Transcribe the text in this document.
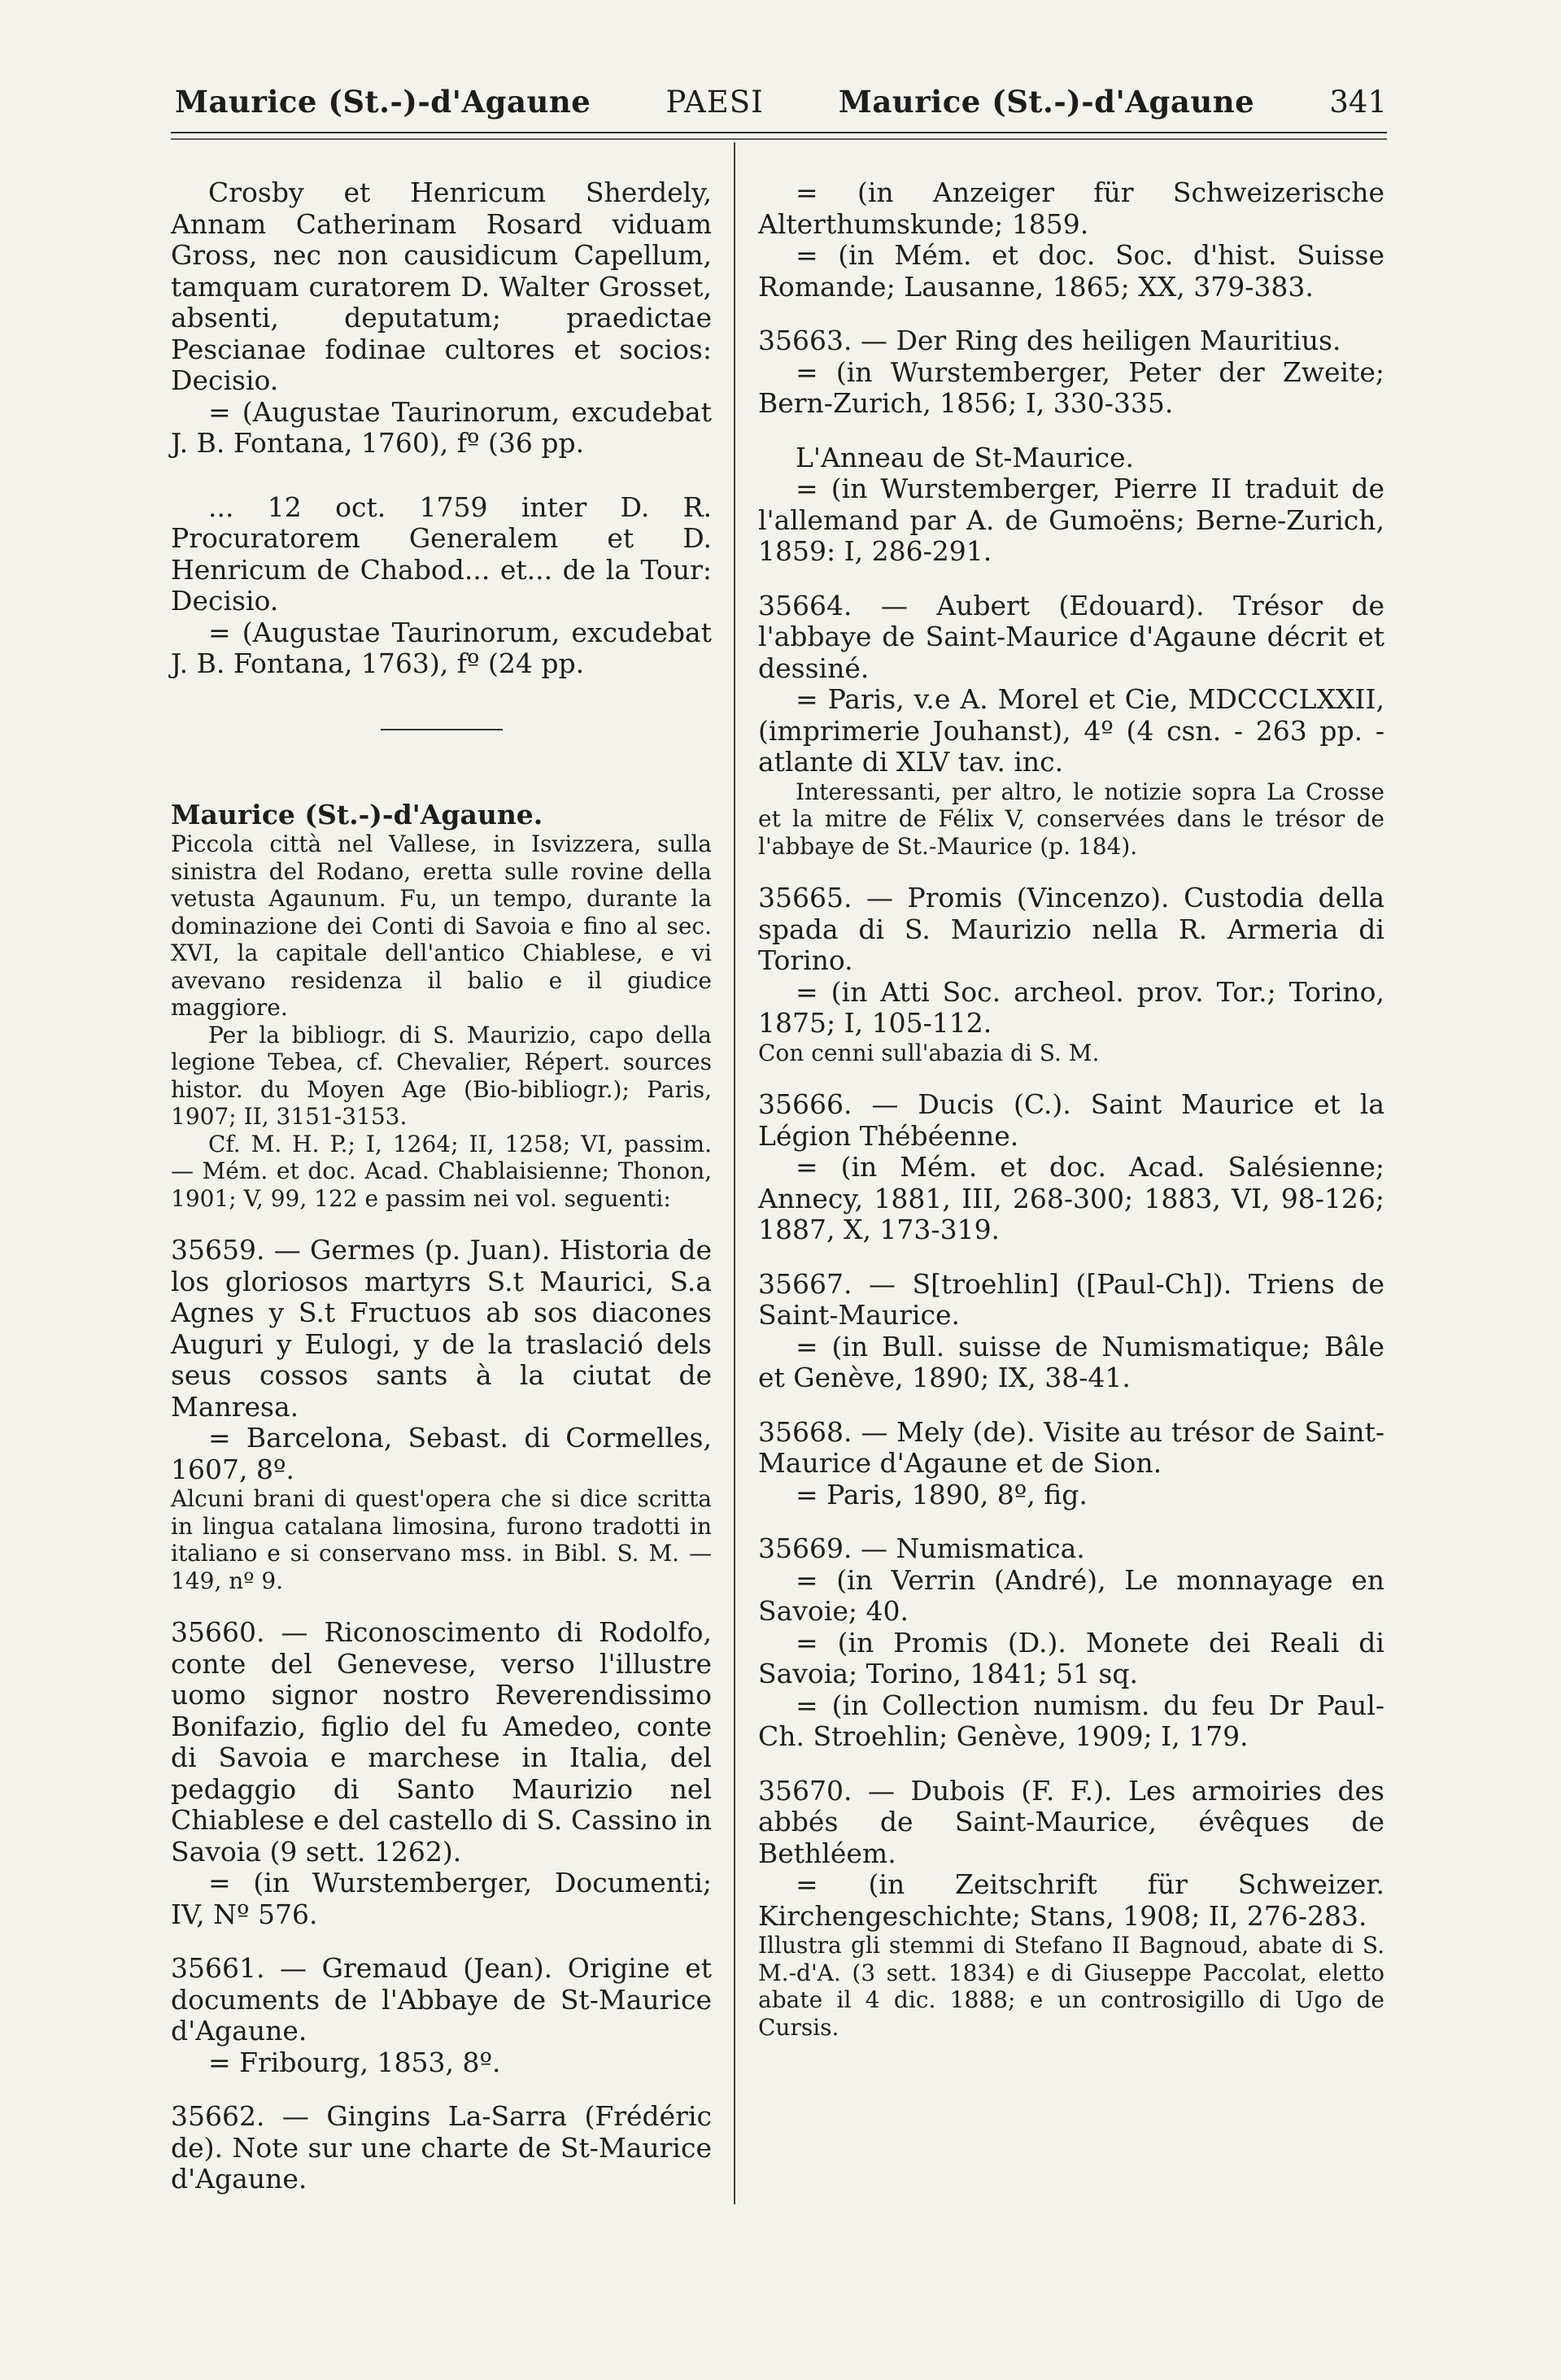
Maurice (St.-)-d'Agaune PAESI Maurice (St.-)-d'Agaune 341

Crosby et Henricum Sherdely, Annam Catherinam Rosard viduam Gross, nec non causidicum Capellum, tamquam curatorem D. Walter Grosset, absenti, deputatum; praedictae Pescianae fodinae cultores et socios: Decisio.

= (Augustae Taurinorum, excudebat J. B. Fontana, 1760), fº (36 pp.

... 12 oct. 1759 inter D. R. Procuratorem Generalem et D. Henricum de Chabod... et... de la Tour: Decisio.

= (Augustae Taurinorum, excudebat J. B. Fontana, 1763), fº (24 pp.

Maurice (St.-)-d'Agaune.

Piccola città nel Vallese, in Isvizzera, sulla sinistra del Rodano, eretta sulle rovine della vetusta Agaunum. Fu, un tempo, durante la dominazione dei Conti di Savoia e fino al sec. XVI, la capitale dell'antico Chiablese, e vi avevano residenza il balio e il giudice maggiore.

Per la bibliogr. di S. Maurizio, capo della legione Tebea, cf. Chevalier, Répert. sources histor. du Moyen Age (Bio-bibliogr.); Paris, 1907; II, 3151-3153.

Cf. M. H. P.; I, 1264; II, 1258; VI, passim. — Mém. et doc. Acad. Chablaisienne; Thonon, 1901; V, 99, 122 e passim nei vol. seguenti:

35659. — Germes (p. Juan). Historia de los gloriosos martyrs S.t Maurici, S.a Agnes y S.t Fructuos ab sos diacones Auguri y Eulogi, y de la traslació dels seus cossos sants à la ciutat de Manresa.

= Barcelona, Sebast. di Cormelles, 1607, 8º.

Alcuni brani di quest'opera che si dice scritta in lingua catalana limosina, furono tradotti in italiano e si conservano mss. in Bibl. S. M. — 149, nº 9.

35660. — Riconoscimento di Rodolfo, conte del Genevese, verso l'illustre uomo signor nostro Reverendissimo Bonifazio, figlio del fu Amedeo, conte di Savoia e marchese in Italia, del pedaggio di Santo Maurizio nel Chiablese e del castello di S. Cassino in Savoia (9 sett. 1262).

= (in Wurstemberger, Documenti; IV, Nº 576.

35661. — Gremaud (Jean). Origine et documents de l'Abbaye de St-Maurice d'Agaune.

= Fribourg, 1853, 8º.

35662. — Gingins La-Sarra (Frédéric de). Note sur une charte de St-Maurice d'Agaune.

= (in Anzeiger für Schweizerische Alterthumskunde; 1859.

= (in Mém. et doc. Soc. d'hist. Suisse Romande; Lausanne, 1865; XX, 379-383.

35663. — Der Ring des heiligen Mauritius.

= (in Wurstemberger, Peter der Zweite; Bern-Zurich, 1856; I, 330-335.

L'Anneau de St-Maurice.

= (in Wurstemberger, Pierre II traduit de l'allemand par A. de Gumoëns; Berne-Zurich, 1859: I, 286-291.

35664. — Aubert (Edouard). Trésor de l'abbaye de Saint-Maurice d'Agaune décrit et dessiné.

= Paris, v.e A. Morel et Cie, MDCCCLXXII, (imprimerie Jouhanst), 4º (4 csn. - 263 pp. - atlante di XLV tav. inc.

Interessanti, per altro, le notizie sopra La Crosse et la mitre de Félix V, conservées dans le trésor de l'abbaye de St.-Maurice (p. 184).

35665. — Promis (Vincenzo). Custodia della spada di S. Maurizio nella R. Armeria di Torino.

= (in Atti Soc. archeol. prov. Tor.; Torino, 1875; I, 105-112.

Con cenni sull'abazia di S. M.

35666. — Ducis (C.). Saint Maurice et la Légion Thébéenne.

= (in Mém. et doc. Acad. Salésienne; Annecy, 1881, III, 268-300; 1883, VI, 98-126; 1887, X, 173-319.

35667. — S[troehlin] ([Paul-Ch]). Triens de Saint-Maurice.

= (in Bull. suisse de Numismatique; Bâle et Genève, 1890; IX, 38-41.

35668. — Mely (de). Visite au trésor de Saint-Maurice d'Agaune et de Sion.

= Paris, 1890, 8º, fig.

35669. — Numismatica.

= (in Verrin (André), Le monnayage en Savoie; 40.

= (in Promis (D.). Monete dei Reali di Savoia; Torino, 1841; 51 sq.

= (in Collection numism. du feu Dr Paul-Ch. Stroehlin; Genève, 1909; I, 179.

35670. — Dubois (F. F.). Les armoiries des abbés de Saint-Maurice, évêques de Bethléem.

= (in Zeitschrift für Schweizer. Kirchengeschichte; Stans, 1908; II, 276-283.

Illustra gli stemmi di Stefano II Bagnoud, abate di S. M.-d'A. (3 sett. 1834) e di Giuseppe Paccolat, eletto abate il 4 dic. 1888; e un controsigillo di Ugo de Cursis.
